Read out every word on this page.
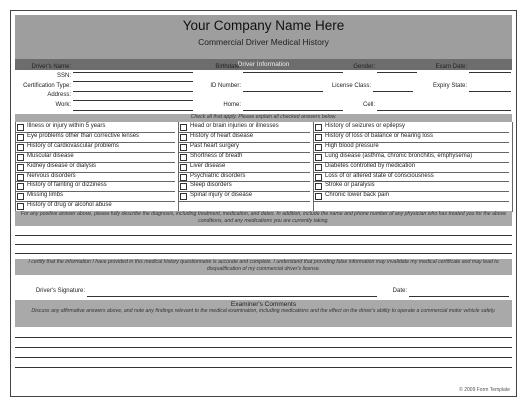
Your Company Name Here
Commercial Driver Medical History
Driver Information
Driver's Name:	Birthdate:	Gender:	Exam Date:
SSN:
Certification Type:	ID Number:	License Class:	Expiry State:
Address:
Work:	Home:	Cell:
Check all that apply. Please explain all checked answers below.
Illness or injury within 5 years
Eye problems other than corrective lenses
History of cardiovascular problems
Muscular disease
Kidney disease or dialysis
Nervous disorders
History of fainting or dizziness
Missing limbs
History of drug or alcohol abuse
Head or brain injuries or illnesses
History of heart disease
Past heart surgery
Shortness of breath
Liver disease
Psychiatric disorders
Sleep disorders
Spinal injury or disease
History of seizures or epilepsy
History of loss of balance or hearing loss
High blood pressure
Lung disease (asthma, chronic bronchitis, emphysema)
Diabetes controlled by medication
Loss of or altered state of consciousness
Stroke or paralysis
Chronic lower back pain
For any positive answer above, please fully describe the diagnosis, including treatment, medication, and dates. In addition, include the name and phone number of any physician who has treated you for the above conditions, and any medications you are currently taking.
I certify that the information I have provided in this medical history questionnaire is accurate and complete. I understand that providing false information may invalidate my medical certificate and may lead to disqualification of my commercial driver's license.
Driver's Signature:	Date:
Examiner's Comments
Discuss any affirmative answers above, and note any findings relevant to the medical examination, including medications and the effect on the driver's ability to operate a commercial motor vehicle safely.
© 2009 Form Template
